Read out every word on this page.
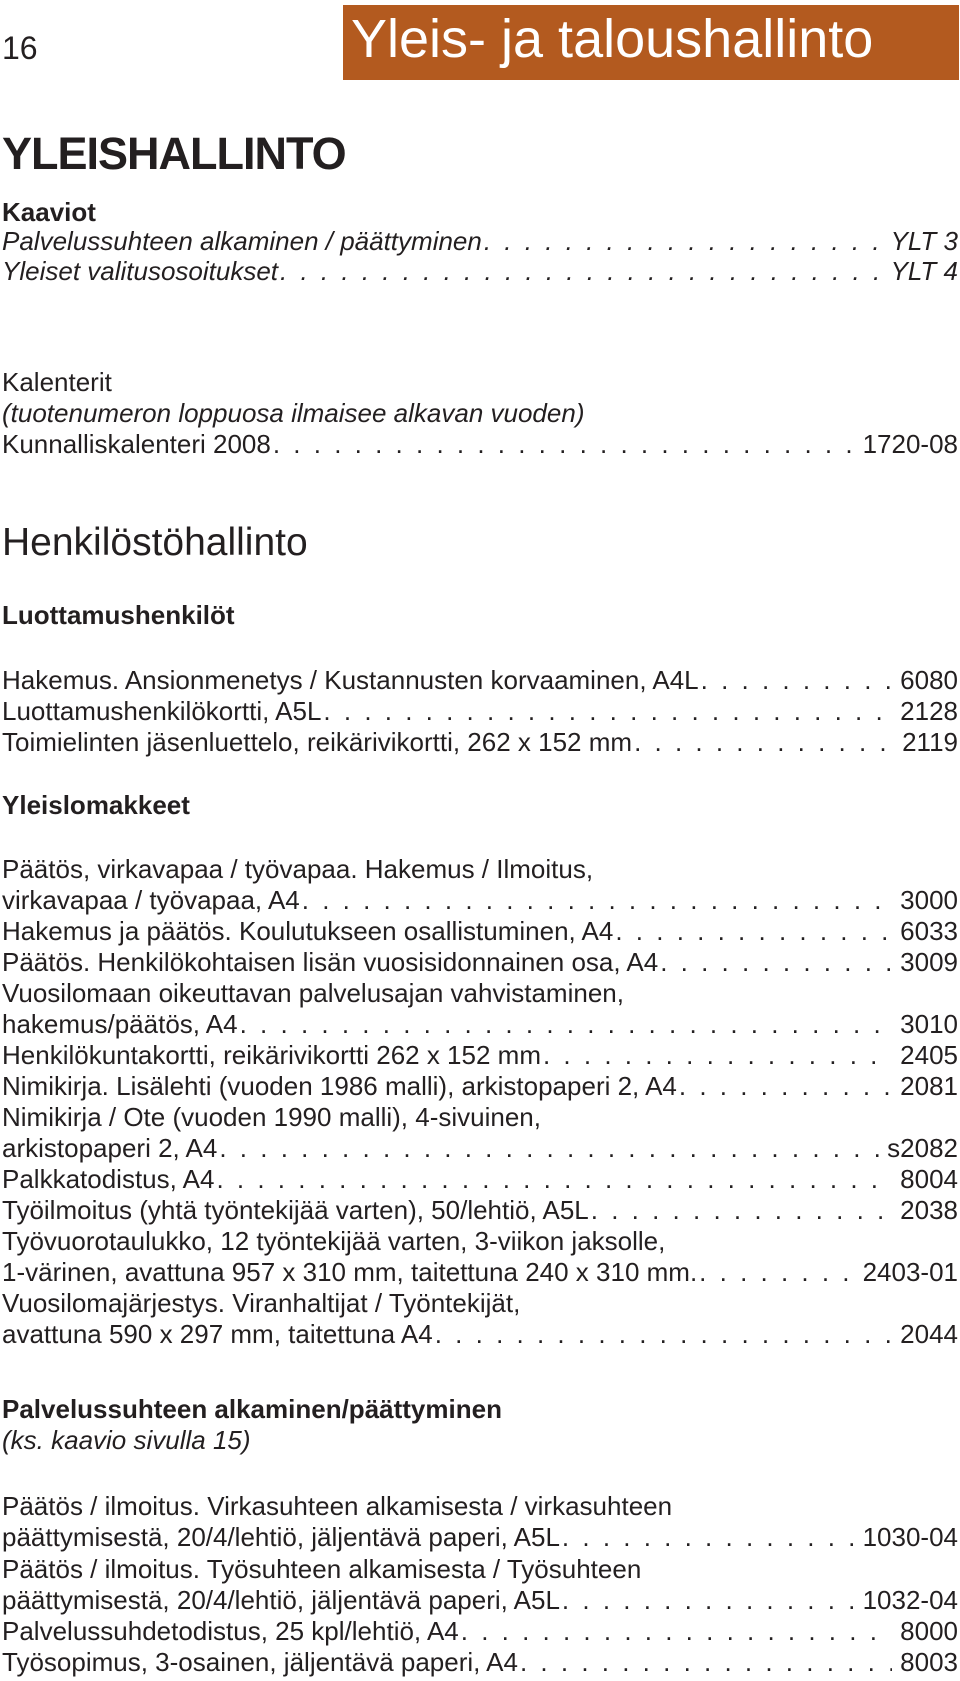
16	Yleis- ja taloushallinto
YLEISHALLINTO
Kaaviot
Palvelussuhteen alkaminen / päättyminen . . .	YLT 3
Yleiset valitusosoitukset . . .	YLT 4
Kalenterit
(tuotenumeron loppuosa ilmaisee alkavan vuoden)
Kunnalliskalenteri 2008 . . .	1720-08
Henkilöstöhallinto
Luottamushenkilöt
Hakemus. Ansionmenetys / Kustannusten korvaaminen, A4L . . .	6080
Luottamushenkilökortti, A5L . . .	2128
Toimielinten jäsenluettelo, reikärivikortti, 262 x 152 mm . . .	2119
Yleislomakkeet
Päätös, virkavapaa / työvapaa. Hakemus / Ilmoitus,
virkavapaa / työvapaa, A4 . . .	3000
Hakemus ja päätös. Koulutukseen osallistuminen, A4 . . .	6033
Päätös. Henkilökohtaisen lisän vuosisidonnainen osa, A4 . . .	3009
Vuosilomaan oikeuttavan palvelusajan vahvistaminen,
hakemus/päätös, A4 . . .	3010
Henkilökuntakortti, reikärivikortti 262 x 152 mm . . .	2405
Nimikirja. Lisälehti (vuoden 1986 malli), arkistopaperi 2, A4 . . .	2081
Nimikirja / Ote (vuoden 1990 malli), 4-sivuinen,
arkistopaperi 2, A4 . . .	s2082
Palkkatodistus, A4 . . .	8004
Työilmoitus (yhtä työntekijää varten), 50/lehtiö, A5L . . .	2038
Työvuorotaulukko, 12 työntekijää varten, 3-viikon jaksolle,
1-värinen, avattuna 957 x 310 mm, taitettuna 240 x 310 mm. . . .	2403-01
Vuosilomajärjestys. Viranhaltijat / Työntekijät,
avattuna 590 x 297 mm, taitettuna A4 . . .	2044
Palvelussuhteen alkaminen/päättyminen
(ks. kaavio sivulla 15)
Päätös / ilmoitus. Virkasuhteen alkamisesta / virkasuhteen
päättymisestä, 20/4/lehtiö, jäljentävä paperi, A5L . . .	1030-04
Päätös / ilmoitus. Työsuhteen alkamisesta / Työsuhteen
päättymisestä, 20/4/lehtiö, jäljentävä paperi, A5L . . .	1032-04
Palvelussuhdetodistus, 25 kpl/lehtiö, A4 . . .	8000
Työsopimus, 3-osainen, jäljentävä paperi, A4 . . .	8003
